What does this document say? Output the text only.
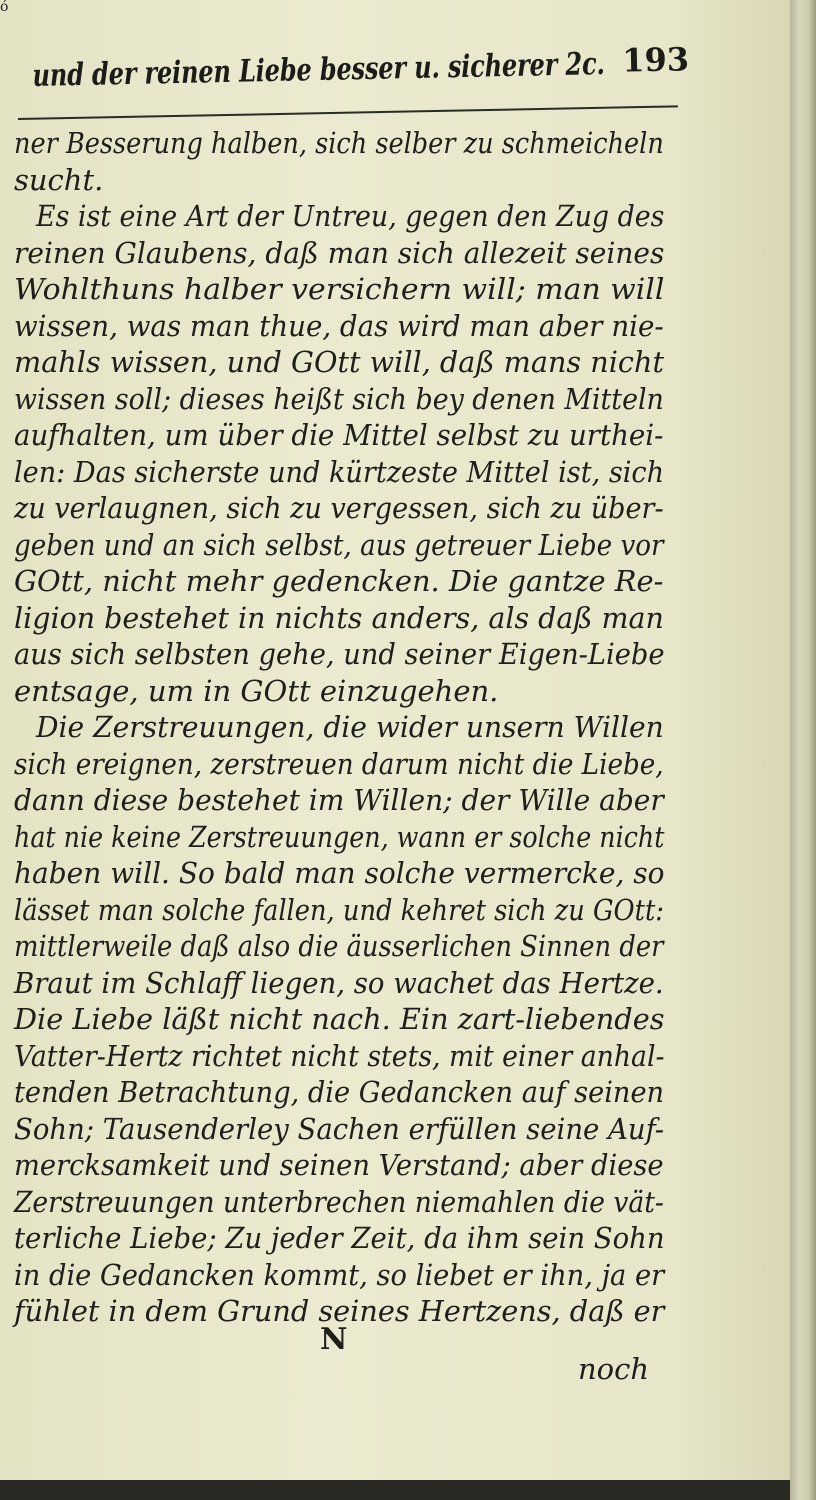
ó
und der reinen Liebe besser u. sicherer 2c. 193
ner Besserung halben, sich selber zu schmeicheln
sucht.
Es ist eine Art der Untreu, gegen den Zug des
reinen Glaubens, daß man sich allezeit seines
Wohlthuns halber versichern will; man will
wissen, was man thue, das wird man aber nie-
mahls wissen, und GOtt will, daß mans nicht
wissen soll; dieses heißt sich bey denen Mitteln
aufhalten, um über die Mittel selbst zu urthei-
len: Das sicherste und kürtzeste Mittel ist, sich
zu verlaugnen, sich zu vergessen, sich zu über-
geben und an sich selbst, aus getreuer Liebe vor
GOtt, nicht mehr gedencken. Die gantze Re-
ligion bestehet in nichts anders, als daß man
aus sich selbsten gehe, und seiner Eigen-Liebe
entsage, um in GOtt einzugehen.
Die Zerstreuungen, die wider unsern Willen
sich ereignen, zerstreuen darum nicht die Liebe,
dann diese bestehet im Willen; der Wille aber
hat nie keine Zerstreuungen, wann er solche nicht
haben will. So bald man solche vermercke, so
lässet man solche fallen, und kehret sich zu GOtt:
mittlerweile daß also die äusserlichen Sinnen der
Braut im Schlaff liegen, so wachet das Hertze.
Die Liebe läßt nicht nach. Ein zart-liebendes
Vatter-Hertz richtet nicht stets, mit einer anhal-
tenden Betrachtung, die Gedancken auf seinen
Sohn; Tausenderley Sachen erfüllen seine Auf-
mercksamkeit und seinen Verstand; aber diese
Zerstreuungen unterbrechen niemahlen die vät-
terliche Liebe; Zu jeder Zeit, da ihm sein Sohn
in die Gedancken kommt, so liebet er ihn, ja er
fühlet in dem Grund seines Hertzens, daß er
N
noch
